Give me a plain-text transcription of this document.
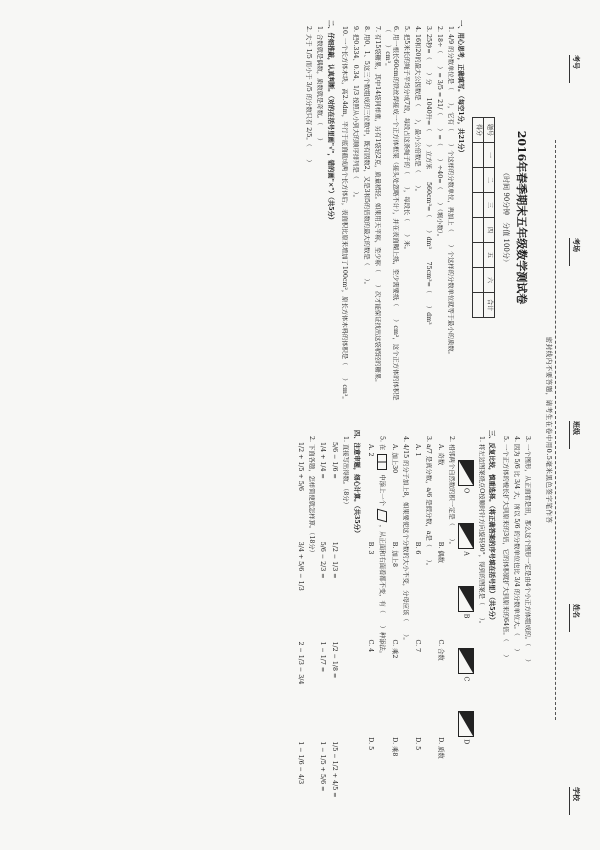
考号
考场
班级
姓名
学校
密封线内不要答题，请考生在卷中用0.5毫米黑色签字笔作答
2016年春季期末五年级数学测试卷
（时间 90分钟　分值 100分）
题号	一	二	三	四	五	六	合计
得分							
一、用心思考，正确填写。（每空1分，共21分）
1. 4/9 的分数单位是（　　），它有（　　）个这样的分数单位，再加上（　　）个这样的分数单位就等于最小的质数。
2. 18÷（　　）= 3/5 = 21/（　　）=（　　）÷40=（　　）（填小数）。
3. 25秒=（　　）分　　1040升=（　　）立方米　　560cm³=（　　）dm³　　75cm³=（　　）dm³
4. 16和20的最大公因数是（　　），最小公倍数是（　　）。
5. 把5米长的绳子平均分成7段，每段占这条绳子的（　　），每段长（　　）米。
6. 用一根长60cm的铁丝焊接成一个正方体框架（接头处忽略不计），并在表面糊上纸，至少需要纸（　　）cm²，这个正方体的体积是（　　）cm³。
7. 有15袋糖果，其中14袋同样重，另有1袋轻2克，质量稍轻。如果用天平称，至少称（　　）次才能保证找出这袋稍轻的糖果。
8. 用0、1、5这三个数组成的三位数中，既有因数2，又是3和5的倍数的最大的数是（　　）。
9. 把0.334、0.34、1/3 按照从小到大的顺序排列是（　　）。
10. 一个长方体木块，高2.4dm，平行于底面截成两个长方体后，表面积比原来增加了100cm²，原长方体木料的体积是（　　）cm³。
二、仔细推敲，认真判断。（对的在括号里画"√"，错的画"×"）（共5分）
1. 合数就是偶数，质数就是奇数。（　　）
2. 大于 1/5 而小于 3/5 的分数只有 2/5。（　　）
3. 一个图形，从正面看是田，那么这个图形一定是由4个小正方体组成的。（　　）
4. 因为 5/6 比 3/4 大，所以 5/6 的分数单位也比 3/4 的分数单位大。（　　）
5. 一个正方体的棱长扩大到原来的3倍，它的体积就扩大到原来的64倍。（　　）
三、反复比较，慎重选择。（将正确答案的序号填在括号里）（共5分）
1. 将左边图案绕点O按顺时针方向旋转90°，得到的图案是（　　）。
O
A
B
C
D
2. 相邻两个自然数的积一定是（　　）。
A. 奇数
B. 偶数
C. 合数
D. 质数
3. a/7 是真分数，a/6 是假分数，a是（　　）。
A. 1
B. 6
C. 7
D. 5
4. 4/15 的分子加上8，如果要使这个分数的大小不变，分母应该（　　）。
A. 加上30
B. 加上8
C. 乘2
D. 乘8
5. 在  中添上一个  ，从正面和右面看都不变，有（　　）种添法。
A. 2
B. 3
C. 4
D. 5
四、注意审题，细心计算。（共35分）
1. 直接写出得数。（8分）
5/6 − 1/6 =
1/2 − 1/3 =
1/2 − 1/8 =
1/5 − 1/2 + 4/5 =
1/4 + 1/4 =
5/6 − 2/3 =
1 − 1/7 =
1 − 1/5 + 5/6 =
2. 下面各题，怎样简便就怎样算。（18分）
1/2 + 1/5 + 5/6
3/4 + 5/6 − 1/3
2 − 1/3 − 3/4
1 − 1/6 − 4/3
